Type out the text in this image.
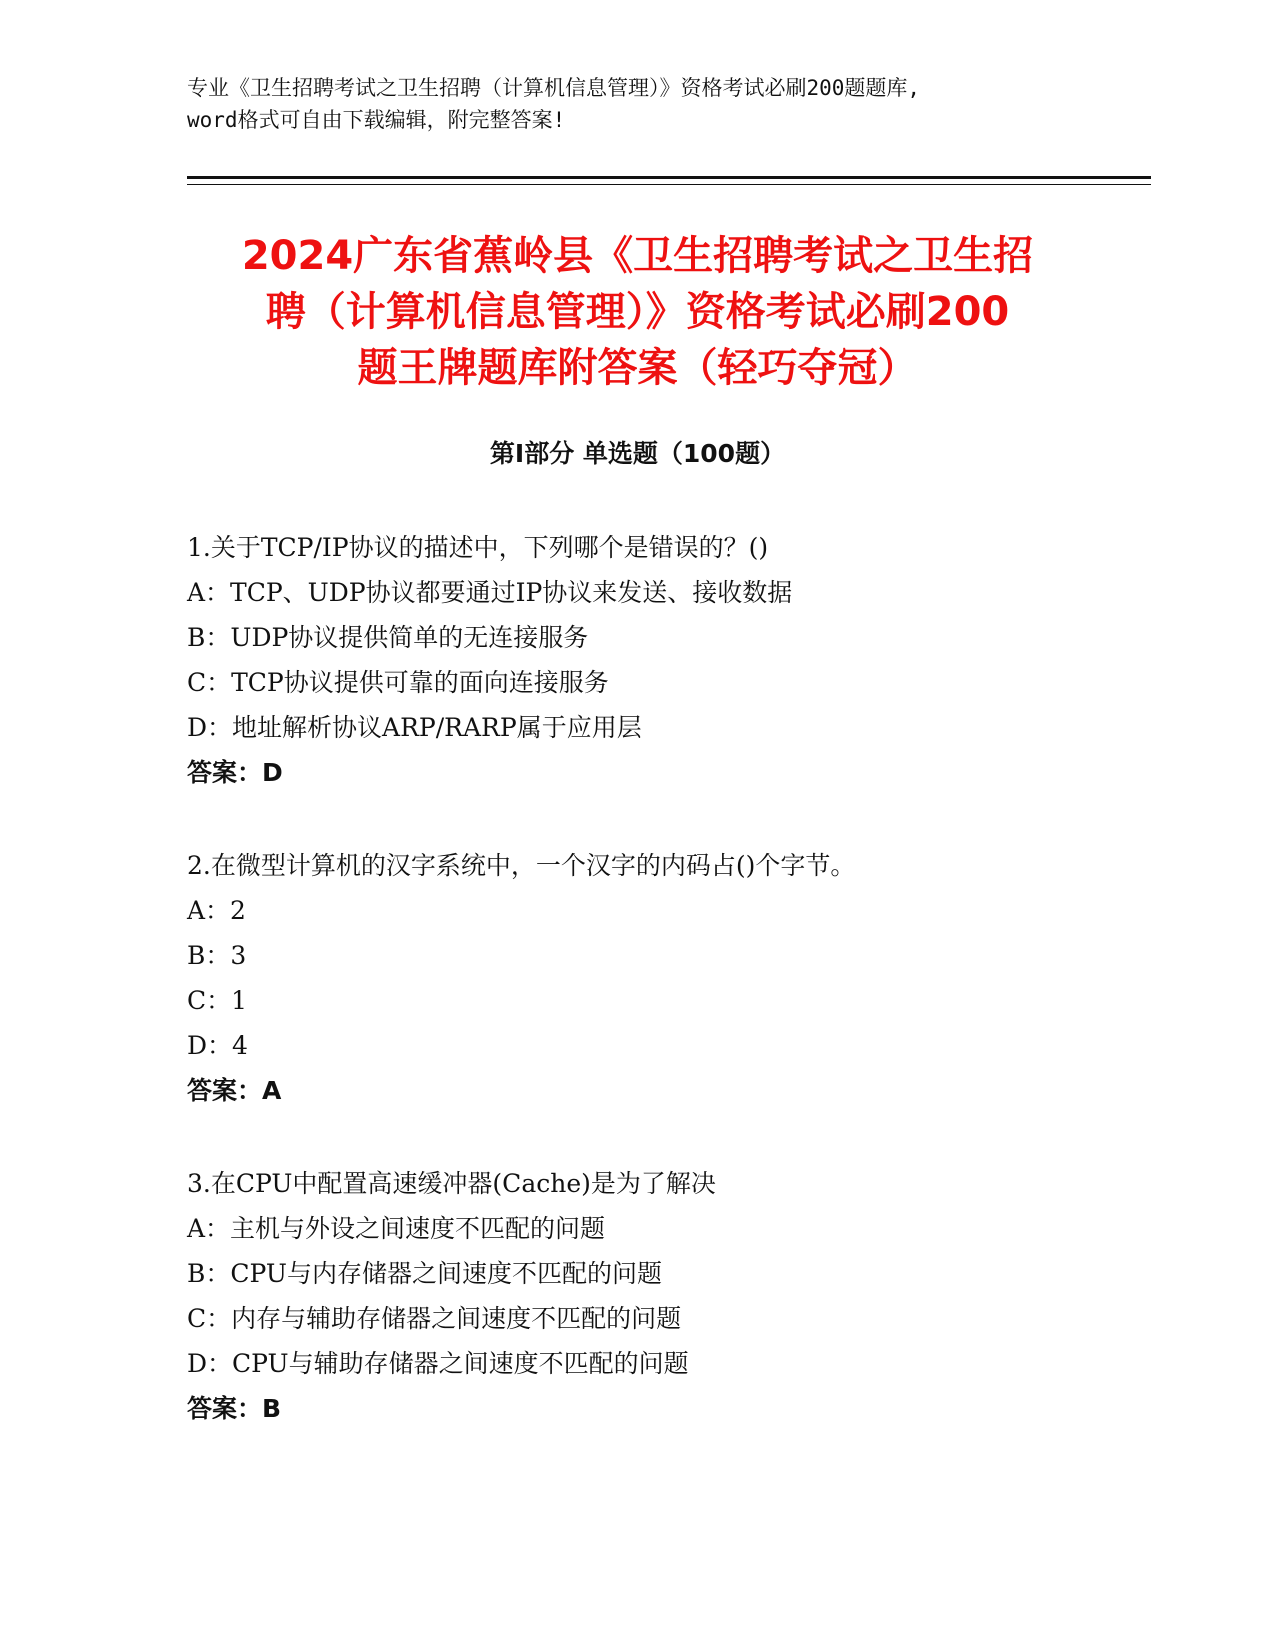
专业《卫生招聘考试之卫生招聘（计算机信息管理）》资格考试必刷200题题库,
word格式可自由下载编辑，附完整答案!
2024广东省蕉岭县《卫生招聘考试之卫生招
聘（计算机信息管理）》资格考试必刷200
题王牌题库附答案（轻巧夺冠）
第I部分 单选题（100题）
1.关于TCP/IP协议的描述中，下列哪个是错误的？()
A：TCP、UDP协议都要通过IP协议来发送、接收数据
B：UDP协议提供简单的无连接服务
C：TCP协议提供可靠的面向连接服务
D：地址解析协议ARP/RARP属于应用层
答案：D
2.在微型计算机的汉字系统中，一个汉字的内码占()个字节。
A：2
B：3
C：1
D：4
答案：A
3.在CPU中配置高速缓冲器(Cache)是为了解决
A：主机与外设之间速度不匹配的问题
B：CPU与内存储器之间速度不匹配的问题
C：内存与辅助存储器之间速度不匹配的问题
D：CPU与辅助存储器之间速度不匹配的问题
答案：B
